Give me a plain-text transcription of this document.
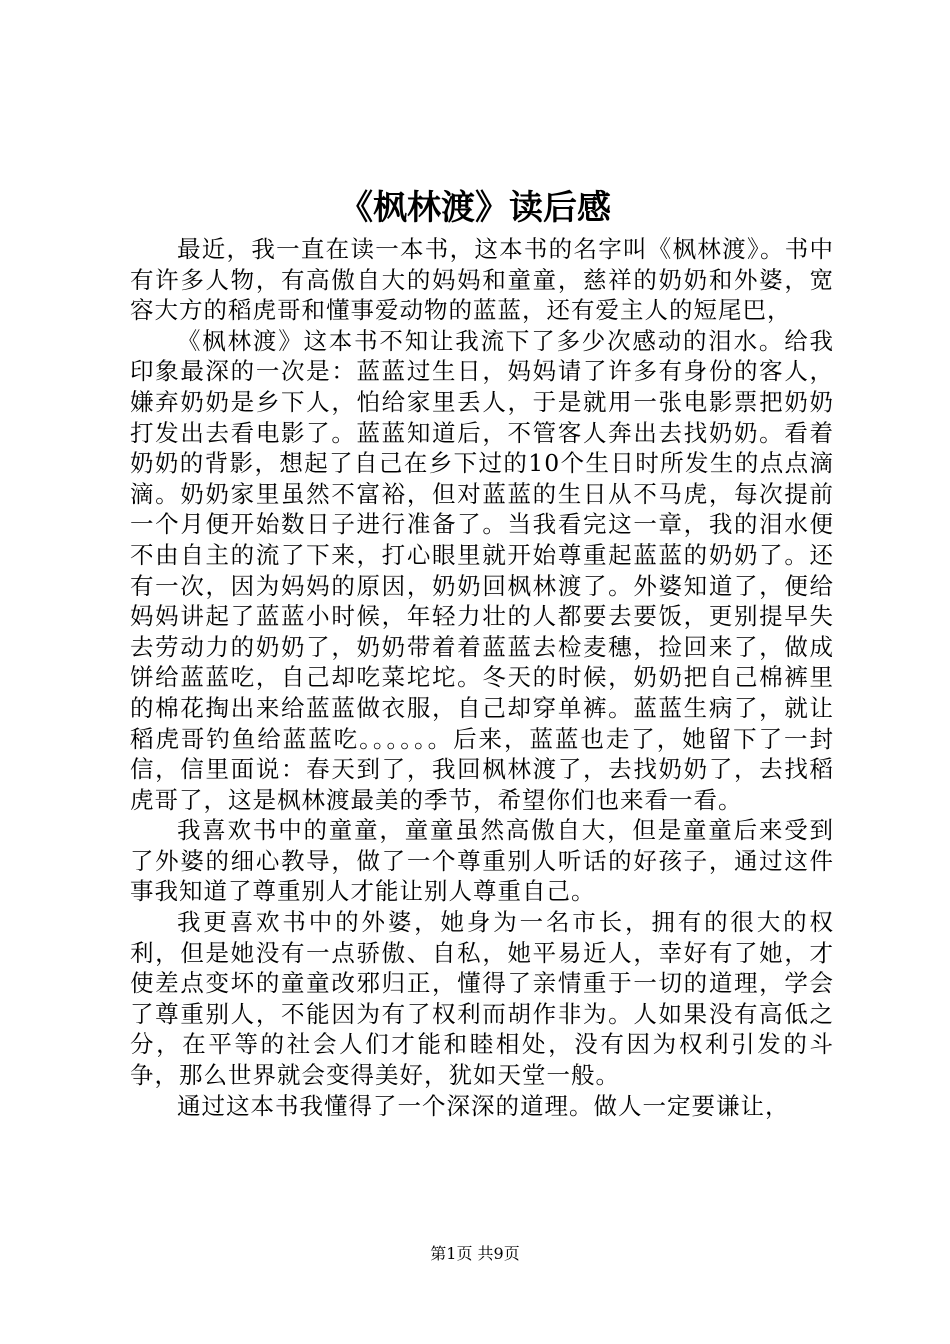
《枫林渡》读后感

最近，我一直在读一本书，这本书的名字叫《枫林渡》。书中有许多人物，有高傲自大的妈妈和童童，慈祥的奶奶和外婆，宽容大方的稻虎哥和懂事爱动物的蓝蓝，还有爱主人的短尾巴，

《枫林渡》这本书不知让我流下了多少次感动的泪水。给我印象最深的一次是：蓝蓝过生日，妈妈请了许多有身份的客人，嫌弃奶奶是乡下人，怕给家里丢人，于是就用一张电影票把奶奶打发出去看电影了。蓝蓝知道后，不管客人奔出去找奶奶。看着奶奶的背影，想起了自己在乡下过的10个生日时所发生的点点滴滴。奶奶家里虽然不富裕，但对蓝蓝的生日从不马虎，每次提前一个月便开始数日子进行准备了。当我看完这一章，我的泪水便不由自主的流了下来，打心眼里就开始尊重起蓝蓝的奶奶了。还有一次，因为妈妈的原因，奶奶回枫林渡了。外婆知道了，便给妈妈讲起了蓝蓝小时候，年轻力壮的人都要去要饭，更别提早失去劳动力的奶奶了，奶奶带着着蓝蓝去检麦穗，捡回来了，做成饼给蓝蓝吃，自己却吃菜坨坨。冬天的时候，奶奶把自己棉裤里的棉花掏出来给蓝蓝做衣服，自己却穿单裤。蓝蓝生病了，就让稻虎哥钓鱼给蓝蓝吃。。。。。。后来，蓝蓝也走了，她留下了一封信，信里面说：春天到了，我回枫林渡了，去找奶奶了，去找稻虎哥了，这是枫林渡最美的季节，希望你们也来看一看。

我喜欢书中的童童，童童虽然高傲自大，但是童童后来受到了外婆的细心教导，做了一个尊重别人听话的好孩子，通过这件事我知道了尊重别人才能让别人尊重自己。

我更喜欢书中的外婆，她身为一名市长，拥有的很大的权利，但是她没有一点骄傲、自私，她平易近人，幸好有了她，才使差点变坏的童童改邪归正，懂得了亲情重于一切的道理，学会了尊重别人，不能因为有了权利而胡作非为。人如果没有高低之分，在平等的社会人们才能和睦相处，没有因为权利引发的斗争，那么世界就会变得美好，犹如天堂一般。

通过这本书我懂得了一个深深的道理。做人一定要谦让，

第1页 共9页
